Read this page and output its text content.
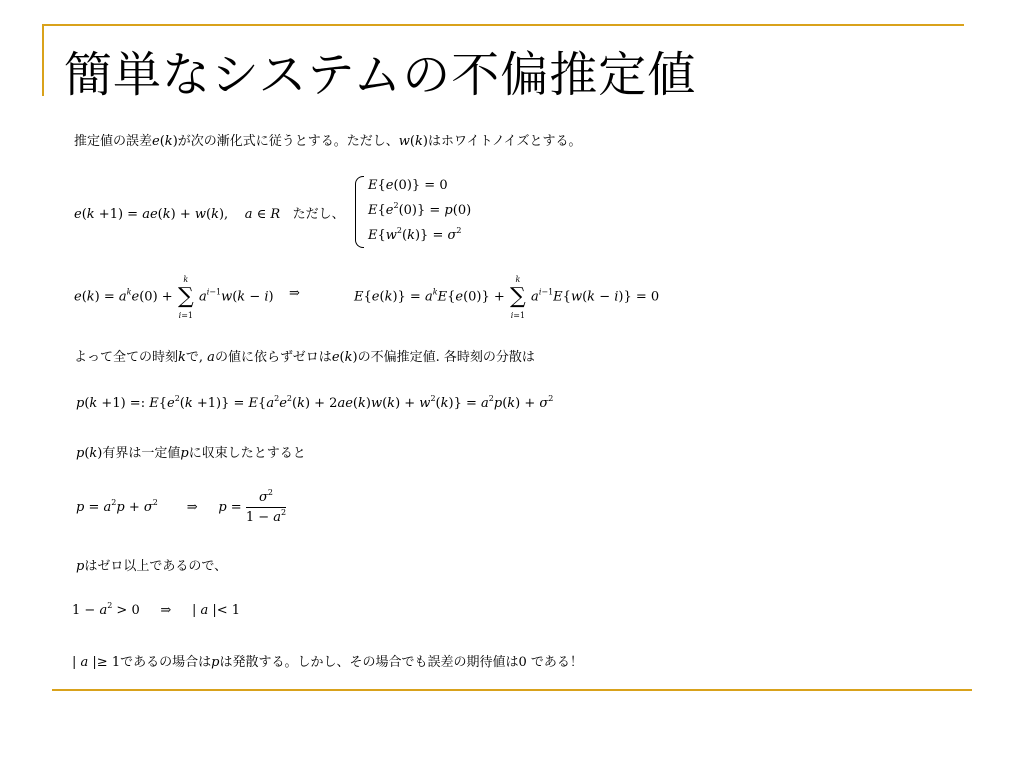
簡単なシステムの不偏推定値
推定値の誤差e(k)が次の漸化式に従うとする。ただし、w(k)はホワイトノイズとする。
e(k +1) = ae(k) + w(k),    a ∈ R ただし、
E{e(0)} = 0
$E\{e^2(0)\} = p(0)$
$E\{w^2(k)\} = \sigma^2$
$e(k) = a^ke(0)$ +
k
∑
i=1
$a^{i-1}w(k - i)$ ⇒	$E\{e(k)\} = a^kE\{e(0)\}$ +
k
∑
i=1
$a^{i-1}E\{w(k - i)\} = 0$
よって全ての時刻kで, aの値に依らずゼロはe(k)の不偏推定値. 各時刻の分散は
p(k +1) =: $E\{e^2(k +1)\} = E\{a^2e^2(k) + 2ae(k)w(k) + w^2(k)\} = a^2p(k) + \sigma^2$
p(k)有界は一定値pに収束したとすると
$p = a^2p + \sigma^2$       ⇒     $p = \frac{\sigma^2}{1 - a^2}$
pはゼロ以上であるので、
$1 - a^2 > 0$     ⇒     | a |< 1
| a |≥ 1であるの場合はpは発散する。しかし、その場合でも誤差の期待値は0 である！
